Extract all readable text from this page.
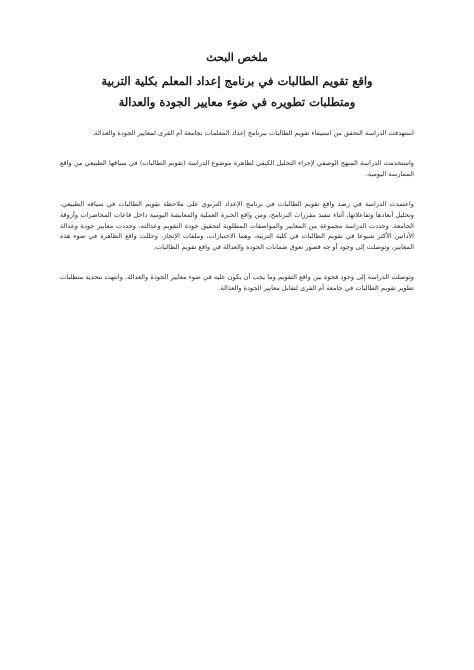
ملخص البحث
واقع تقويم الطالبات في برنامج إعداد المعلم بكلية التربية
ومتطلبات تطويره في ضوء معايير الجودة والعدالة

استهدفت الدراسة التحقق من استيفاء تقويم الطالبات ببرنامج إعداد المعلمات بجامعة أم القرى لمعايير الجودة والعدالة.

واستخدمت الدراسة المنهج الوصفي لإجراء التحليل الكيفي لظاهرة موضوع الدراسة (تقويم الطالبات) في سياقها الطبيعي من واقع الممارسة اليومية.

واعتمدت الدراسة في رصد واقع تقويم الطالبات في برنامج الإعداد التربوي على ملاحظة تقويم الطالبات في سياقه الطبيعي، وتحليل أبعادها وتفاعلاتها، أثناء تنفيذ مقررات البرنامج، ومن واقع الخبرة العملية والمعايشة اليومية داخل قاعات المحاضرات وأروقة الجامعة. وحددت الدراسة مجموعة من المعايير والمواصفات المطلوبة لتحقيق جودة التقويم وعدالته، وحددت معايير جودة وعدالة الأداتين الأكثر شيوعا في تقويم الطالبات في كلية التربية، وهما الاختبارات، وملفات الإنجاز، وحللت واقع الظاهرة في ضوء هذه المعايير، وتوصلت إلى وجود أو جه قصور تعوق ضمانات الجودة والعدالة في واقع تقويم الطالبات.

وتوصلت الدراسة إلى وجود فجوة بين واقع التقويم وما يجب أن يكون عليه في ضوء معايير الجودة والعدالة. وانتهت بتحديد متطلبات تطوير تقويم الطالبات في جامعة أم القرى لتقابل معايير الجودة والعدالة.
